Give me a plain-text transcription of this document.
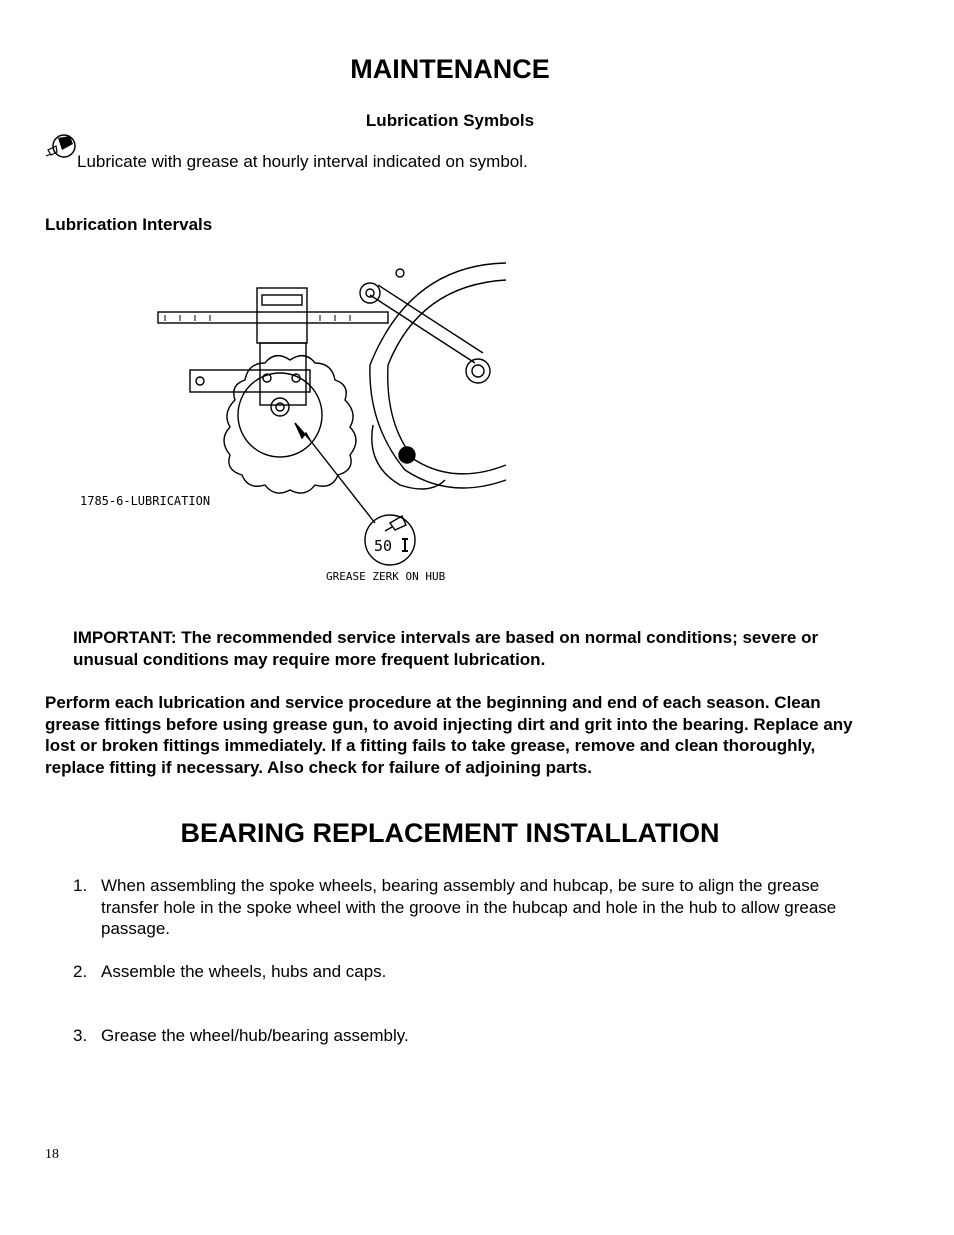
MAINTENANCE
Lubrication Symbols
Lubricate with grease at hourly interval indicated on symbol.
Lubrication Intervals
50
1785-6-LUBRICATION
GREASE ZERK ON HUB
IMPORTANT: The recommended service intervals are based on normal conditions; severe or unusual conditions may require more frequent lubrication.
Perform each lubrication and service procedure at the beginning and end of each season. Clean grease fittings before using grease gun, to avoid injecting dirt and grit into the bearing. Replace any lost or broken fittings immediately. If a fitting fails to take grease, remove and clean thoroughly, replace fitting if necessary. Also check for failure of adjoining parts.
BEARING REPLACEMENT INSTALLATION
1. When assembling the spoke wheels, bearing assembly and hubcap, be sure to align the grease transfer hole in the spoke wheel with the groove in the hubcap and hole in the hub to allow grease passage.
2. Assemble the wheels, hubs and caps.
3. Grease the wheel/hub/bearing assembly.
18
